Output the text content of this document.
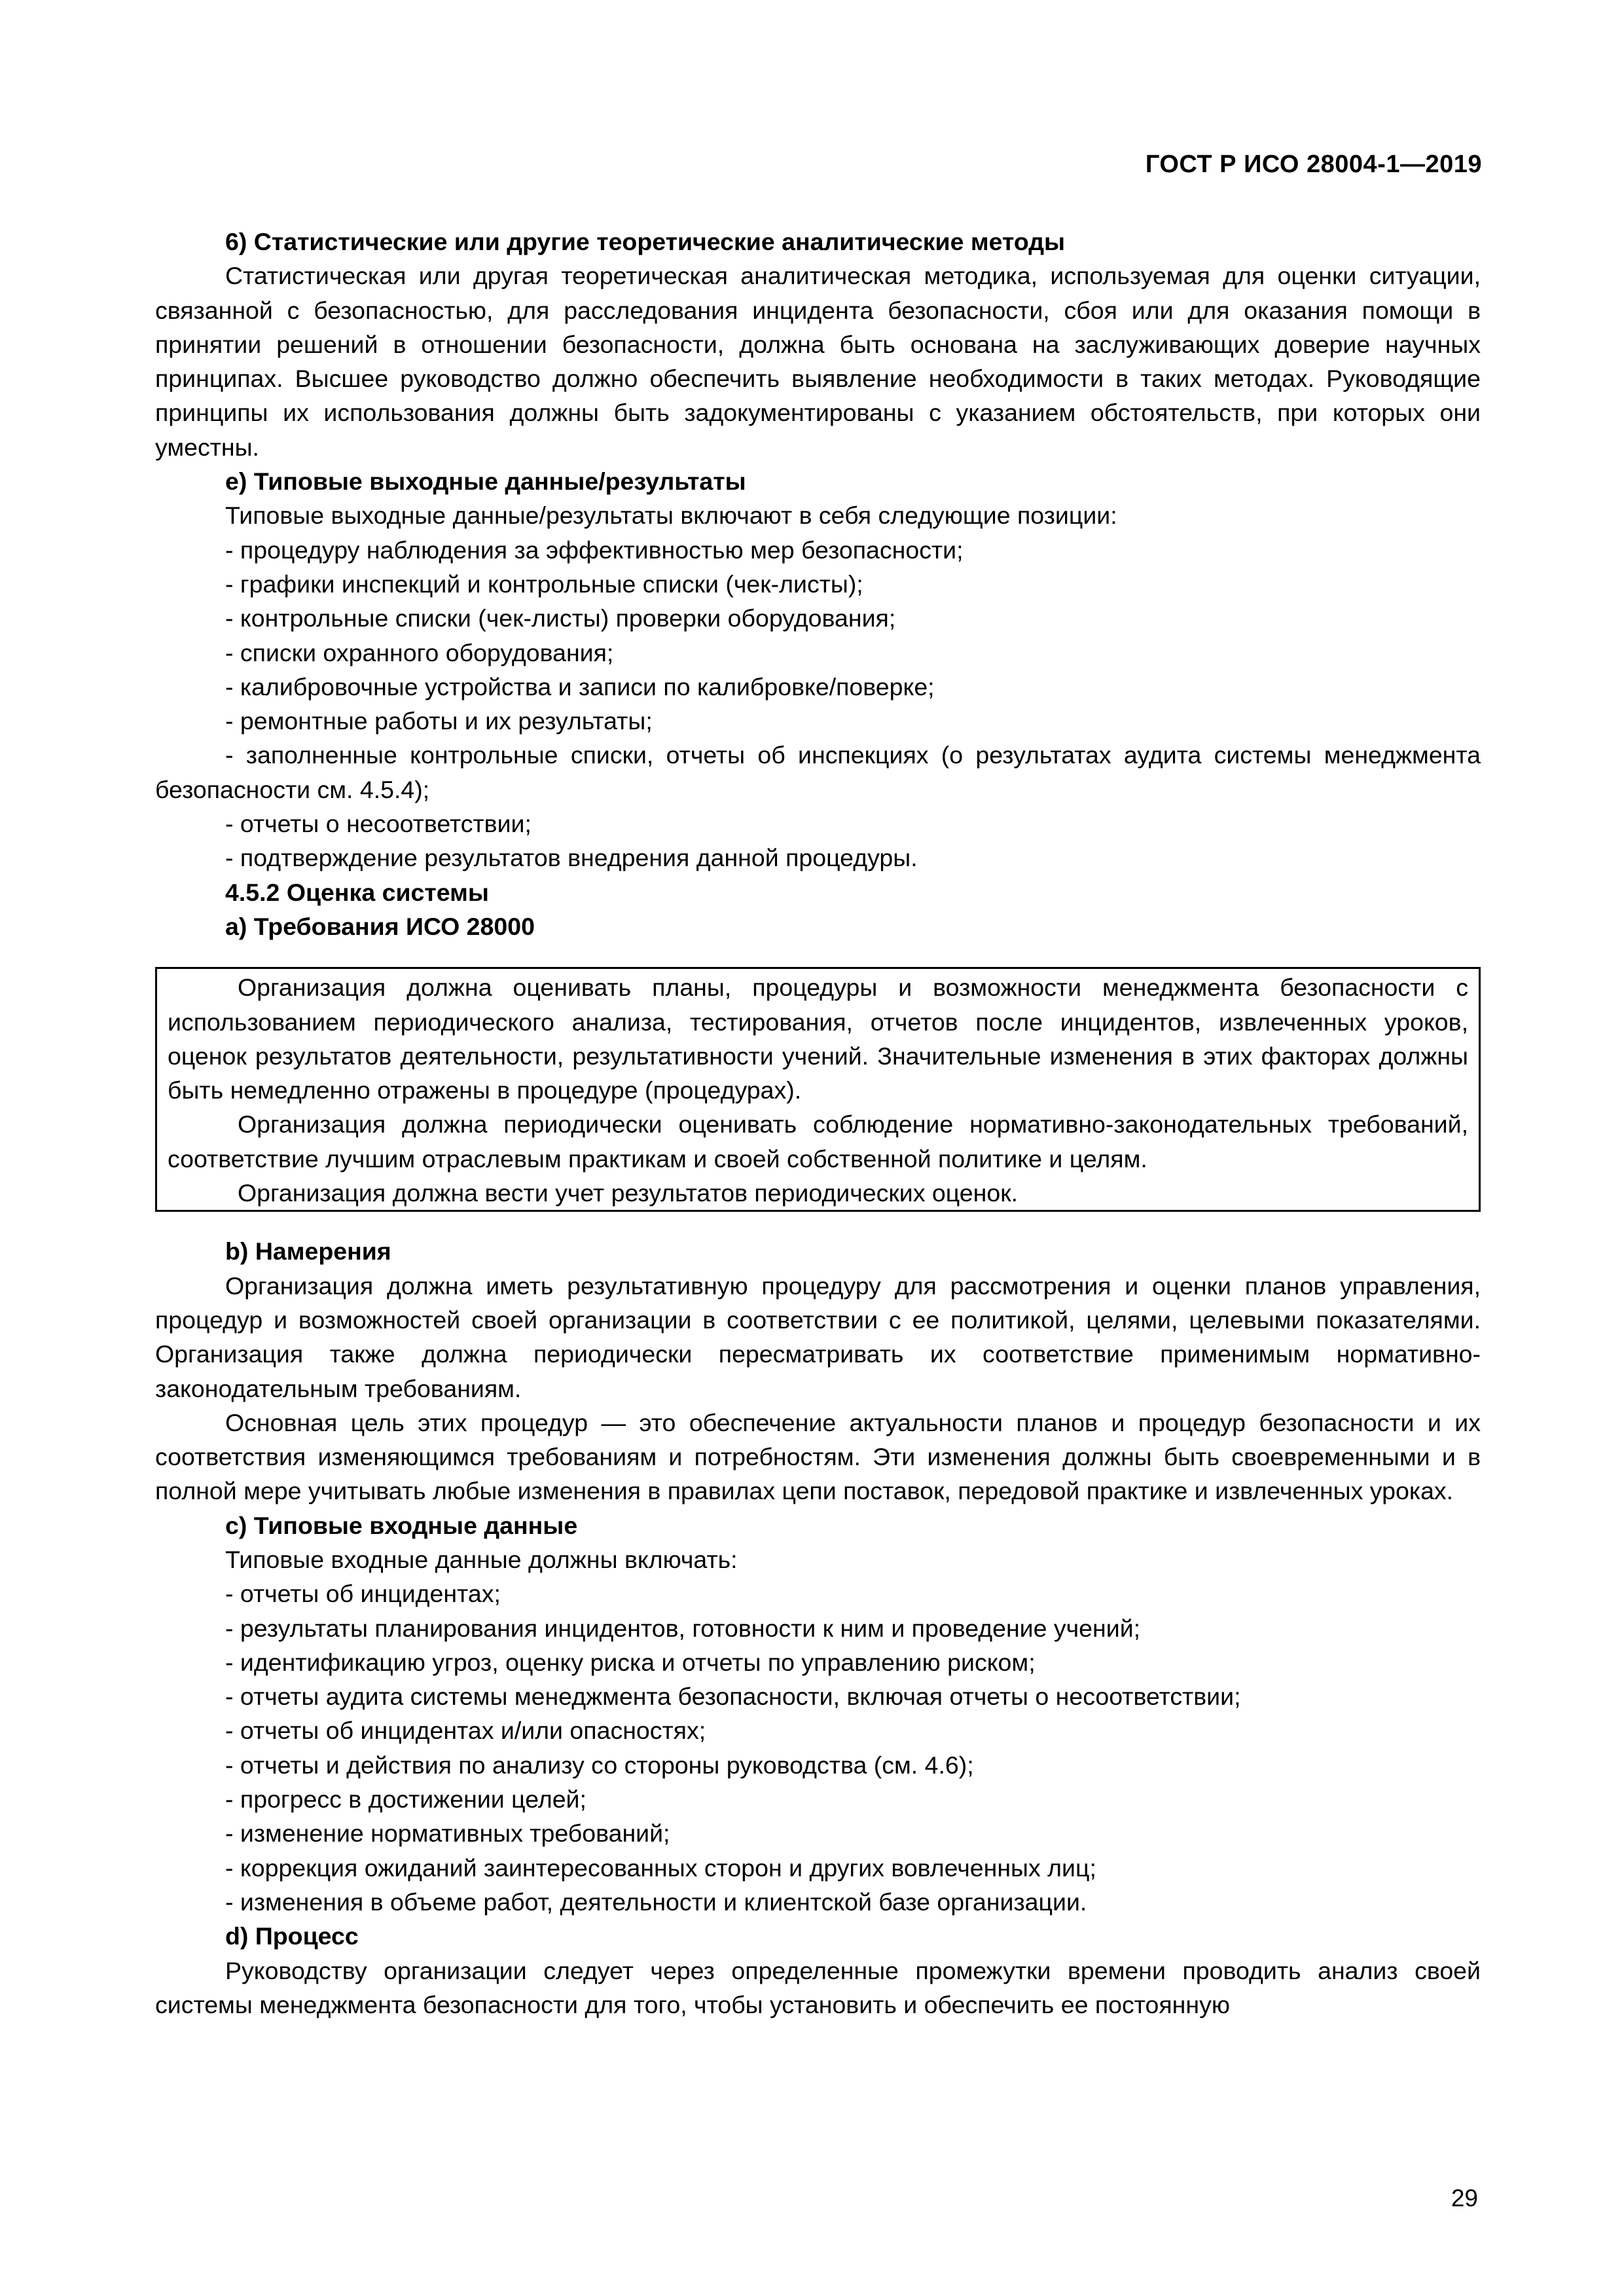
ГОСТ Р ИСО 28004-1—2019

6) Статистические или другие теоретические аналитические методы

Статистическая или другая теоретическая аналитическая методика, используемая для оценки ситуации, связанной с безопасностью, для расследования инцидента безопасности, сбоя или для оказания помощи в принятии решений в отношении безопасности, должна быть основана на заслуживающих доверие научных принципах. Высшее руководство должно обеспечить выявление необходимости в таких методах. Руководящие принципы их использования должны быть задокументированы с указанием обстоятельств, при которых они уместны.

е) Типовые выходные данные/результаты

Типовые выходные данные/результаты включают в себя следующие позиции:

- процедуру наблюдения за эффективностью мер безопасности;

- графики инспекций и контрольные списки (чек-листы);

- контрольные списки (чек-листы) проверки оборудования;

- списки охранного оборудования;

- калибровочные устройства и записи по калибровке/поверке;

- ремонтные работы и их результаты;

- заполненные контрольные списки, отчеты об инспекциях (о результатах аудита системы менеджмента безопасности см. 4.5.4);

- отчеты о несоответствии;

- подтверждение результатов внедрения данной процедуры.

4.5.2 Оценка системы

а) Требования ИСО 28000

Организация должна оценивать планы, процедуры и возможности менеджмента безопасности с использованием периодического анализа, тестирования, отчетов после инцидентов, извлеченных уроков, оценок результатов деятельности, результативности учений. Значительные изменения в этих факторах должны быть немедленно отражены в процедуре (процедурах).

Организация должна периодически оценивать соблюдение нормативно-законодательных требований, соответствие лучшим отраслевым практикам и своей собственной политике и целям.

Организация должна вести учет результатов периодических оценок.

b) Намерения

Организация должна иметь результативную процедуру для рассмотрения и оценки планов управления, процедур и возможностей своей организации в соответствии с ее политикой, целями, целевыми показателями. Организация также должна периодически пересматривать их соответствие применимым нормативно-законодательным требованиям.

Основная цель этих процедур — это обеспечение актуальности планов и процедур безопасности и их соответствия изменяющимся требованиям и потребностям. Эти изменения должны быть своевременными и в полной мере учитывать любые изменения в правилах цепи поставок, передовой практике и извлеченных уроках.

с) Типовые входные данные

Типовые входные данные должны включать:

- отчеты об инцидентах;

- результаты планирования инцидентов, готовности к ним и проведение учений;

- идентификацию угроз, оценку риска и отчеты по управлению риском;

- отчеты аудита системы менеджмента безопасности, включая отчеты о несоответствии;

- отчеты об инцидентах и/или опасностях;

- отчеты и действия по анализу со стороны руководства (см. 4.6);

- прогресс в достижении целей;

- изменение нормативных требований;

- коррекция ожиданий заинтересованных сторон и других вовлеченных лиц;

- изменения в объеме работ, деятельности и клиентской базе организации.

d) Процесс

Руководству организации следует через определенные промежутки времени проводить анализ своей системы менеджмента безопасности для того, чтобы установить и обеспечить ее постоянную

29
